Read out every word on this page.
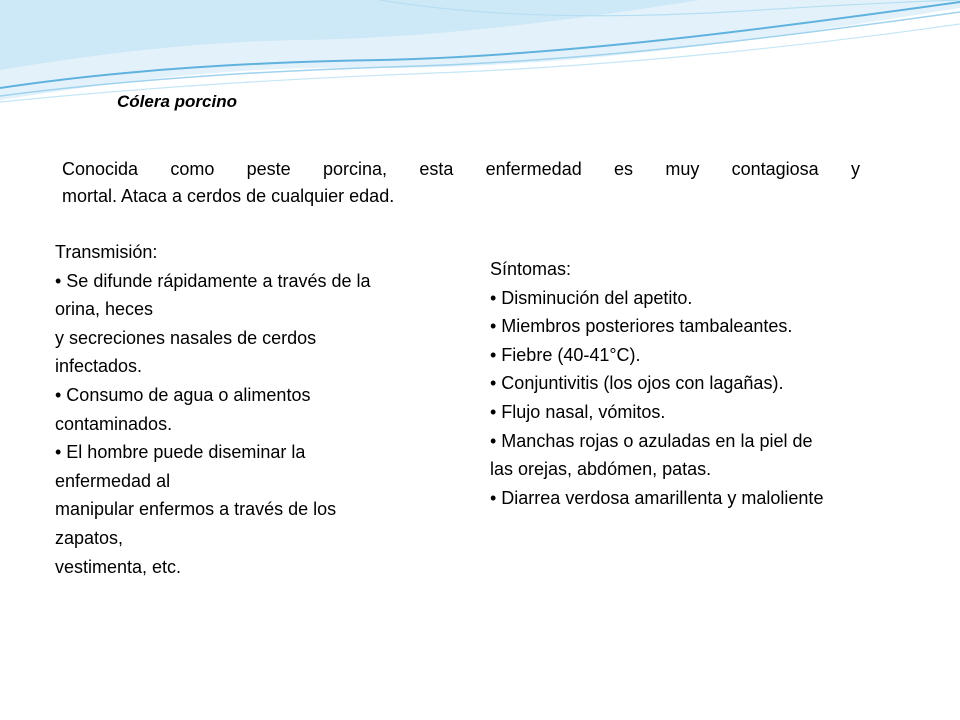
Cólera porcino

Conocida como peste porcina, esta enfermedad es muy contagiosa y
mortal. Ataca a cerdos de cualquier edad.

Transmisión:
• Se difunde rápidamente a través de la
orina, heces
y secreciones nasales de cerdos
infectados.
• Consumo de agua o alimentos
contaminados.
• El hombre puede diseminar la
enfermedad al
manipular enfermos a través de los
zapatos,
vestimenta, etc.
Síntomas:
• Disminución del apetito.
• Miembros posteriores tambaleantes.
• Fiebre (40-41°C).
• Conjuntivitis (los ojos con lagañas).
• Flujo nasal, vómitos.
• Manchas rojas o azuladas en la piel de
las orejas, abdómen, patas.
• Diarrea verdosa amarillenta y maloliente
